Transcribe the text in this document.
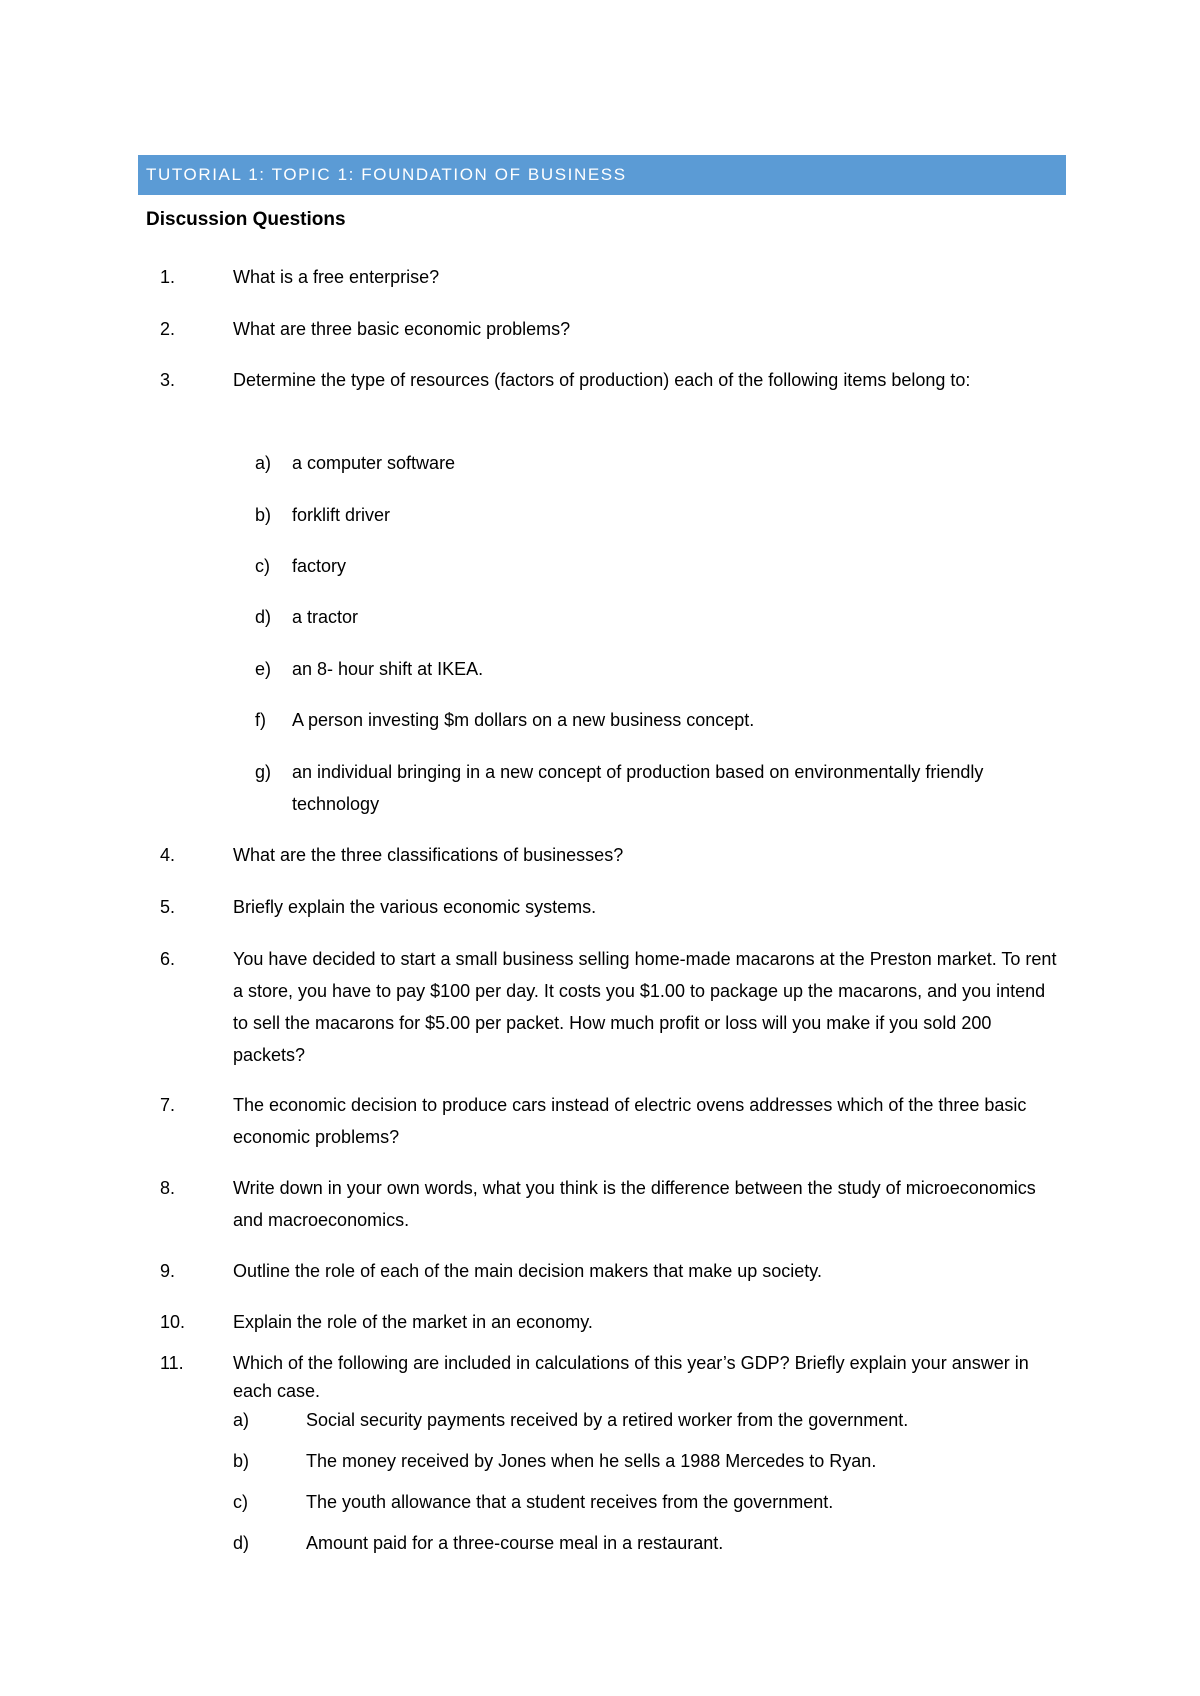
TUTORIAL 1: TOPIC 1: FOUNDATION OF BUSINESS
Discussion Questions
1.	What is a free enterprise?
2.	What are three basic economic problems?
3.	Determine the type of resources (factors of production) each of the following items belong to:
a) a computer software
b) forklift driver
c) factory
d) a tractor
e) an 8- hour shift at IKEA.
f) A person investing $m dollars on a new business concept.
g) an individual bringing in a new concept of production based on environmentally friendly technology
4.	What are the three classifications of businesses?
5.	Briefly explain the various economic systems.
6.	You have decided to start a small business selling home-made macarons at the Preston market. To rent a store, you have to pay $100 per day. It costs you $1.00 to package up the macarons, and you intend to sell the macarons for $5.00 per packet. How much profit or loss will you make if you sold 200 packets?
7.	The economic decision to produce cars instead of electric ovens addresses which of the three basic economic problems?
8.	Write down in your own words, what you think is the difference between the study of microeconomics and macroeconomics.
9.	Outline the role of each of the main decision makers that make up society.
10.	Explain the role of the market in an economy.
11.	Which of the following are included in calculations of this year’s GDP? Briefly explain your answer in each case.
a)	Social security payments received by a retired worker from the government.
b)	The money received by Jones when he sells a 1988 Mercedes to Ryan.
c)	The youth allowance that a student receives from the government.
d)	Amount paid for a three-course meal in a restaurant.
